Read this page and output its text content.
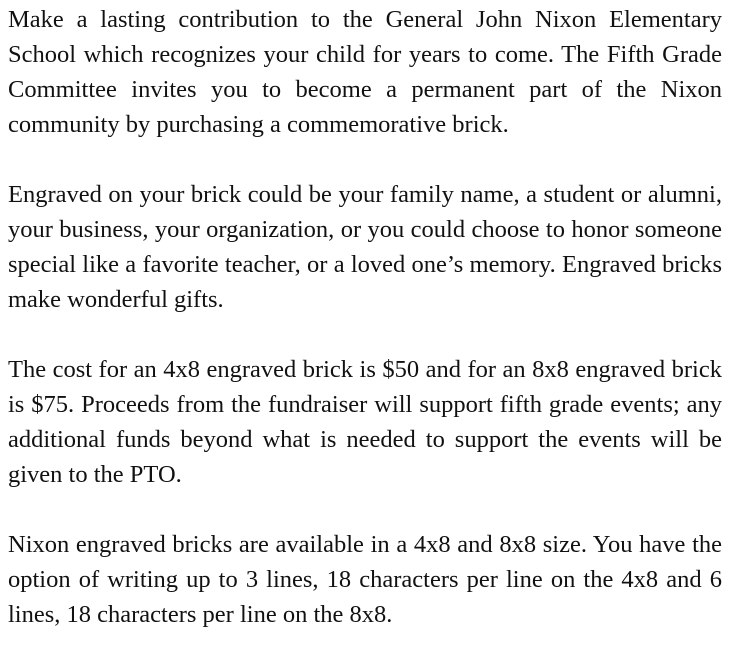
Make a lasting contribution to the General John Nixon Elementary School which recognizes your child for years to come. The Fifth Grade Committee invites you to become a permanent part of the Nixon community by purchasing a commemorative brick.

Engraved on your brick could be your family name, a student or alumni, your business, your organization, or you could choose to honor someone special like a favorite teacher, or a loved one’s memory. Engraved bricks make wonderful gifts.

The cost for an 4x8 engraved brick is $50 and for an 8x8 engraved brick is $75. Proceeds from the fundraiser will support fifth grade events; any additional funds beyond what is needed to support the events will be given to the PTO.

Nixon engraved bricks are available in a 4x8 and 8x8 size. You have the option of writing up to 3 lines, 18 characters per line on the 4x8 and 6 lines, 18 characters per line on the 8x8.
